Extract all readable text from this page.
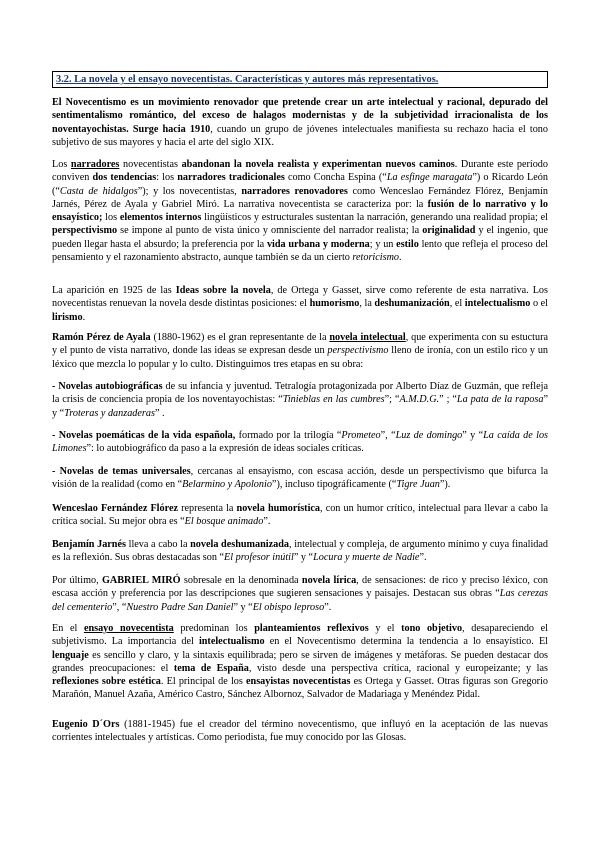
3.2. La novela y el ensayo novecentistas. Características y autores más representativos.

El Novecentismo es un movimiento renovador que pretende crear un arte intelectual y racional, depurado del sentimentalismo romántico, del exceso de halagos modernistas y de la subjetividad irracionalista de los noventayochistas. Surge hacia 1910, cuando un grupo de jóvenes intelectuales manifiesta su rechazo hacia el tono subjetivo de sus mayores y hacia el arte del siglo XIX.

Los narradores novecentistas abandonan la novela realista y experimentan nuevos caminos. Durante este período conviven dos tendencias: los narradores tradicionales como Concha Espina (“La esfinge maragata”) o Ricardo León (“Casta de hidalgos”); y los novecentistas, narradores renovadores como Wenceslao Fernández Flórez, Benjamín Jarnés, Pérez de Ayala y Gabriel Miró. La narrativa novecentista se caracteriza por: la fusión de lo narrativo y lo ensayístico; los elementos internos lingüísticos y estructurales sustentan la narración, generando una realidad propia; el perspectivismo se impone al punto de vista único y omnisciente del narrador realista; la originalidad y el ingenio, que pueden llegar hasta el absurdo; la preferencia por la vida urbana y moderna; y un estilo lento que refleja el proceso del pensamiento y el razonamiento abstracto, aunque también se da un cierto retoricismo.

La aparición en 1925 de las Ideas sobre la novela, de Ortega y Gasset, sirve como referente de esta narrativa. Los novecentistas renuevan la novela desde distintas posiciones: el humorismo, la deshumanización, el intelectualismo o el lirismo.

Ramón Pérez de Ayala (1880-1962) es el gran representante de la novela intelectual, que experimenta con su estuctura y el punto de vista narrativo, donde las ideas se expresan desde un perspectivismo lleno de ironía, con un estilo rico y un léxico que mezcla lo popular y lo culto. Distinguimos tres etapas en su obra:

- Novelas autobiográficas de su infancia y juventud. Tetralogía protagonizada por Alberto Díaz de Guzmán, que refleja la crisis de conciencia propia de los noventayochistas: “Tinieblas en las cumbres”; “A.M.D.G.” ; “La pata de la raposa” y “Troteras y danzaderas” .

- Novelas poemáticas de la vida española, formado por la trilogía “Prometeo”, “Luz de domingo” y “La caída de los Limones”: lo autobiográfico da paso a la expresión de ideas sociales críticas.

- Novelas de temas universales, cercanas al ensayismo, con escasa acción, desde un perspectivismo que bifurca la visión de la realidad (como en “Belarmino y Apolonio”), incluso tipográficamente (“Tigre Juan”).

Wenceslao Fernández Flórez representa la novela humorística, con un humor crítico, intelectual para llevar a cabo la crítica social. Su mejor obra es “El bosque animado”.

Benjamín Jarnés lleva a cabo la novela deshumanizada, intelectual y compleja, de argumento mínimo y cuya finalidad es la reflexión. Sus obras destacadas son “El profesor inútil” y “Locura y muerte de Nadie”.

Por último, GABRIEL MIRÓ sobresale en la denominada novela lírica, de sensaciones: de rico y preciso léxico, con escasa acción y preferencia por las descripciones que sugieren sensaciones y paisajes. Destacan sus obras “Las cerezas del cementerio”, “Nuestro Padre San Daniel” y “El obispo leproso”.

En el ensayo novecentista predominan los planteamientos reflexivos y el tono objetivo, desapareciendo el subjetivismo. La importancia del intelectualismo en el Novecentismo determina la tendencia a lo ensayístico. El lenguaje es sencillo y claro, y la sintaxis equilibrada; pero se sirven de imágenes y metáforas. Se pueden destacar dos grandes preocupaciones: el tema de España, visto desde una perspectiva crítica, racional y europeizante; y las reflexiones sobre estética. El principal de los ensayistas novecentistas es Ortega y Gasset. Otras figuras son Gregorio Marañón, Manuel Azaña, Américo Castro, Sánchez Albornoz, Salvador de Madariaga y Menéndez Pidal.

Eugenio D´Ors (1881-1945) fue el creador del término novecentismo, que influyó en la aceptación de las nuevas corrientes intelectuales y artísticas. Como periodista, fue muy conocido por las Glosas.
